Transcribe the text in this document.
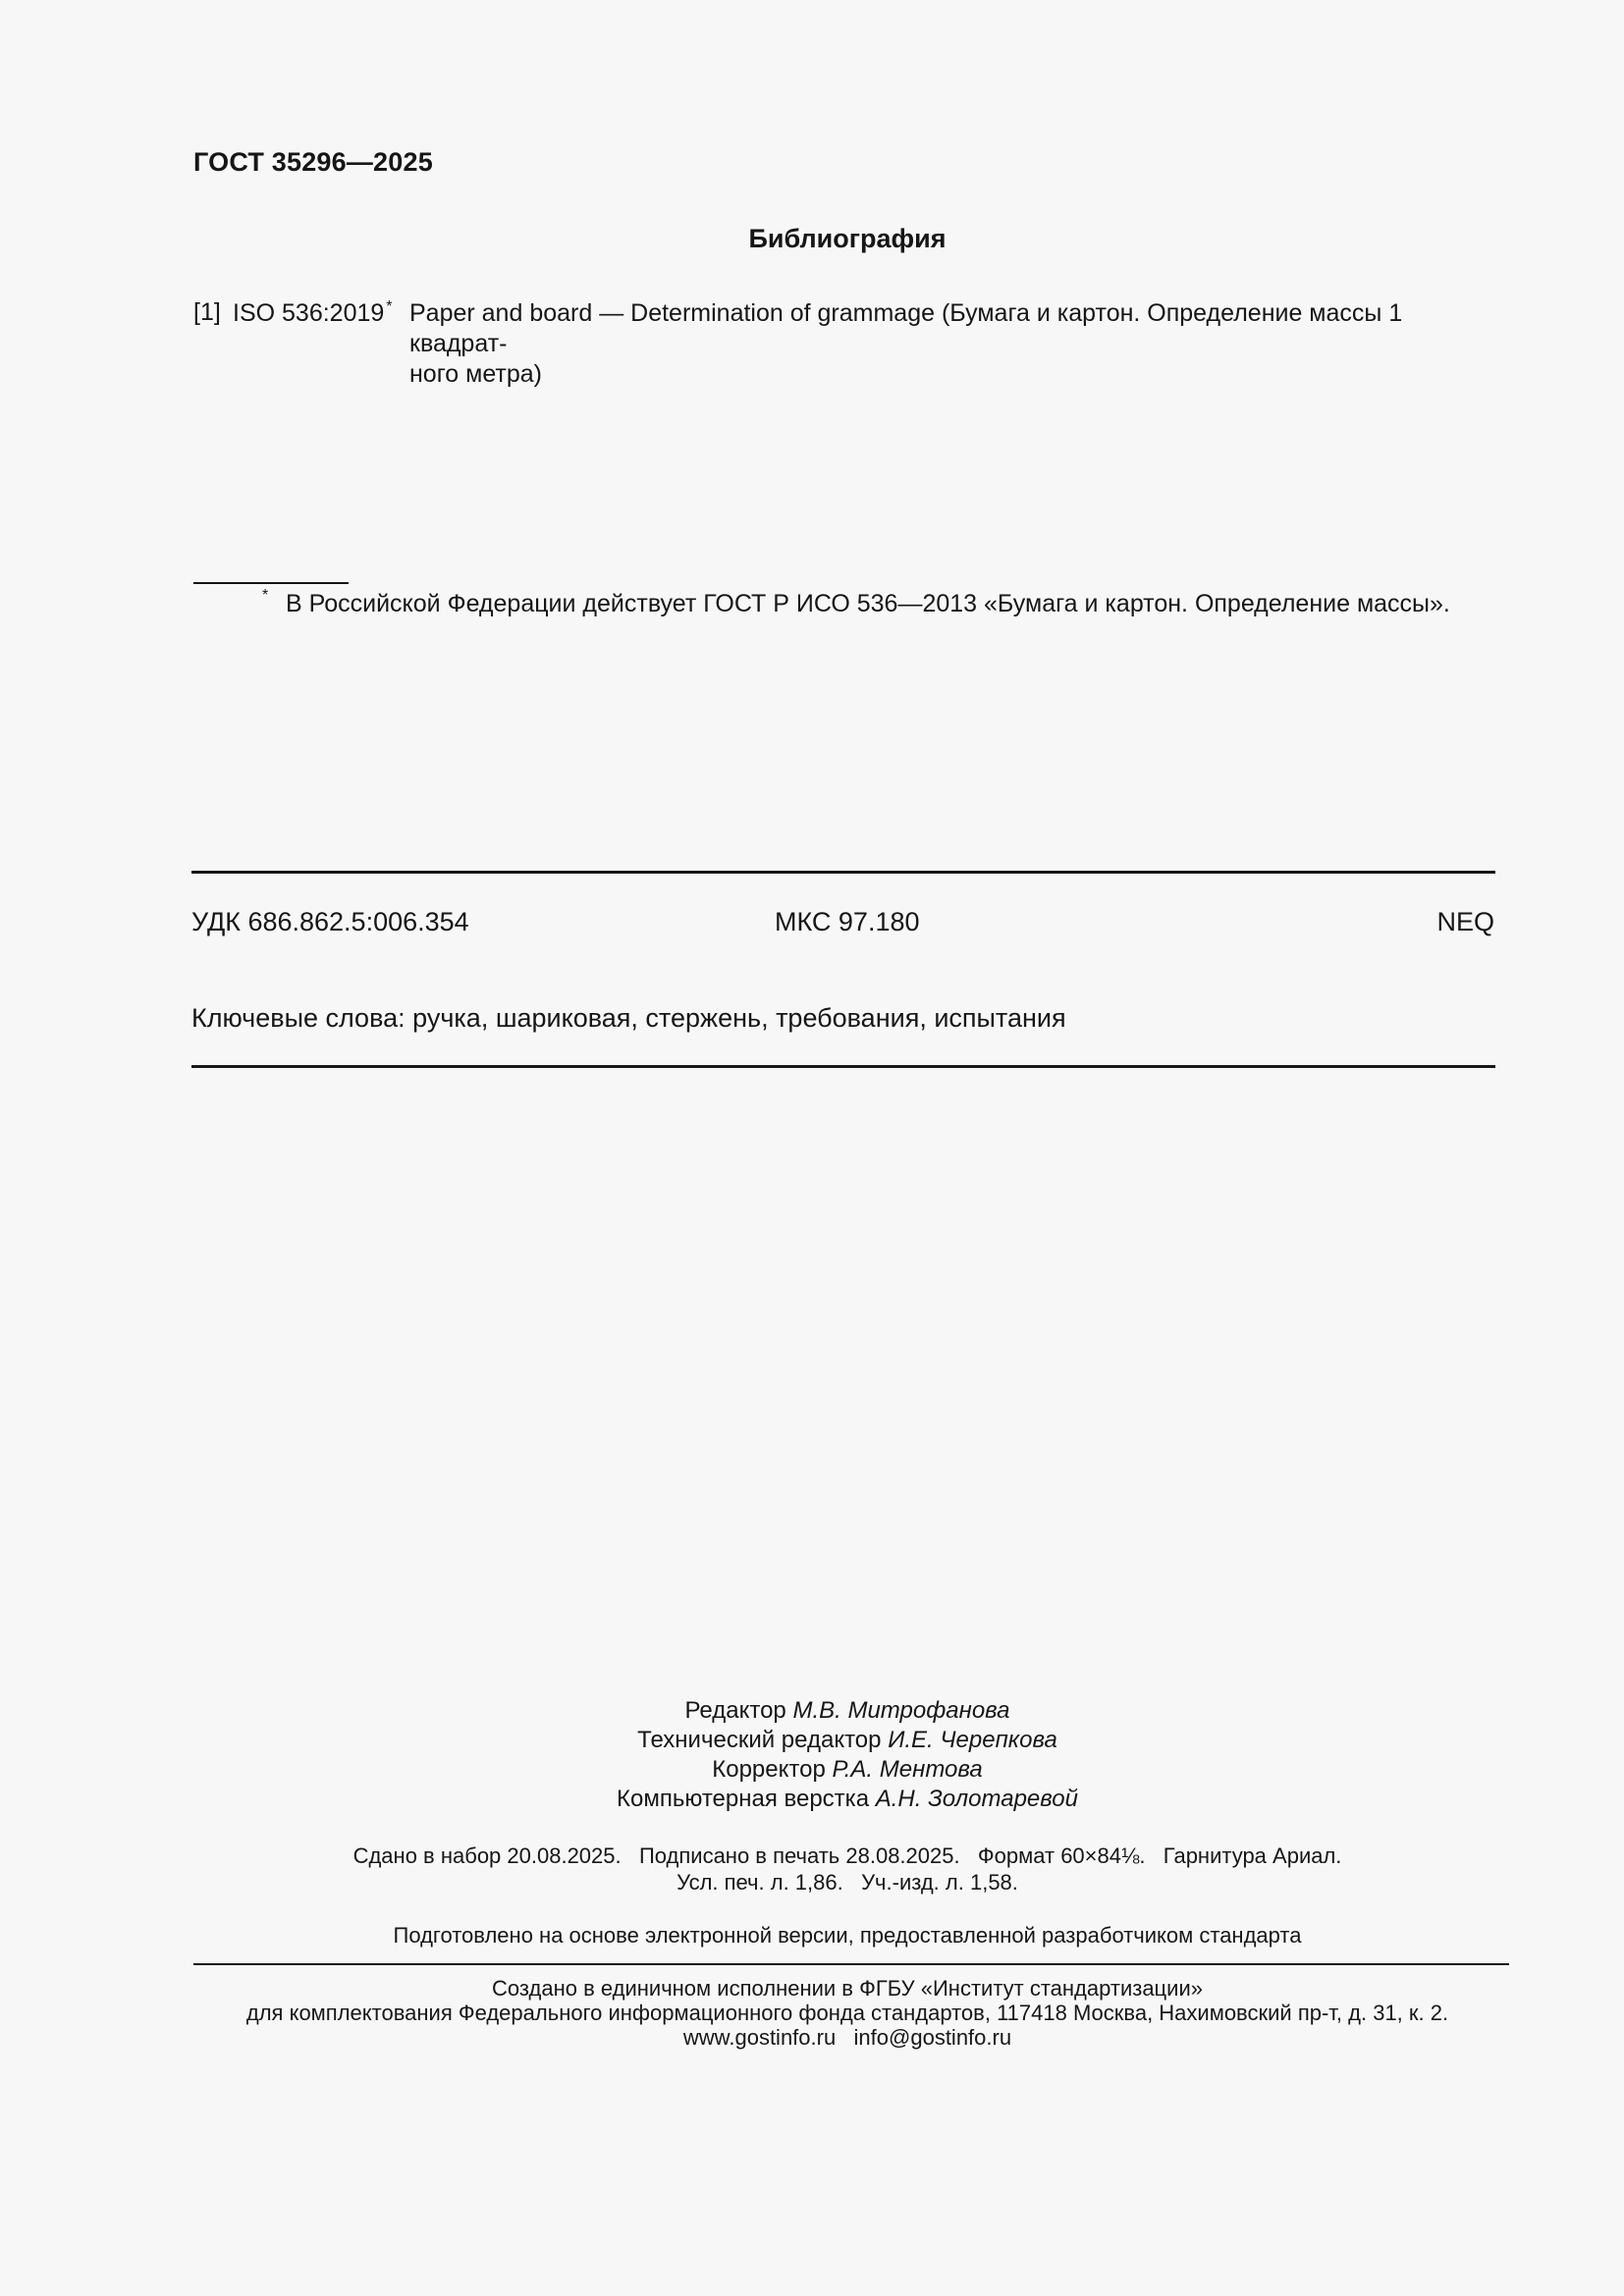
ГОСТ 35296—2025
Библиография
[1] ISO 536:2019 * Paper and board — Determination of grammage (Бумага и картон. Определение массы 1 квадрат-
ного метра)
* В Российской Федерации действует ГОСТ Р ИСО 536—2013 «Бумага и картон. Определение массы».
УДК 686.862.5:006.354	МКС 97.180	NEQ
Ключевые слова: ручка, шариковая, стержень, требования, испытания
Редактор М.В. Митрофанова
Технический редактор И.Е. Черепкова
Корректор Р.А. Ментова
Компьютерная верстка А.Н. Золотаревой
Сдано в набор 20.08.2025.   Подписано в печать 28.08.2025.   Формат 60×84⅛.   Гарнитура Ариал.
Усл. печ. л. 1,86.   Уч.-изд. л. 1,58.
Подготовлено на основе электронной версии, предоставленной разработчиком стандарта
Создано в единичном исполнении в ФГБУ «Институт стандартизации»
для комплектования Федерального информационного фонда стандартов, 117418 Москва, Нахимовский пр-т, д. 31, к. 2.
www.gostinfo.ru info@gostinfo.ru
